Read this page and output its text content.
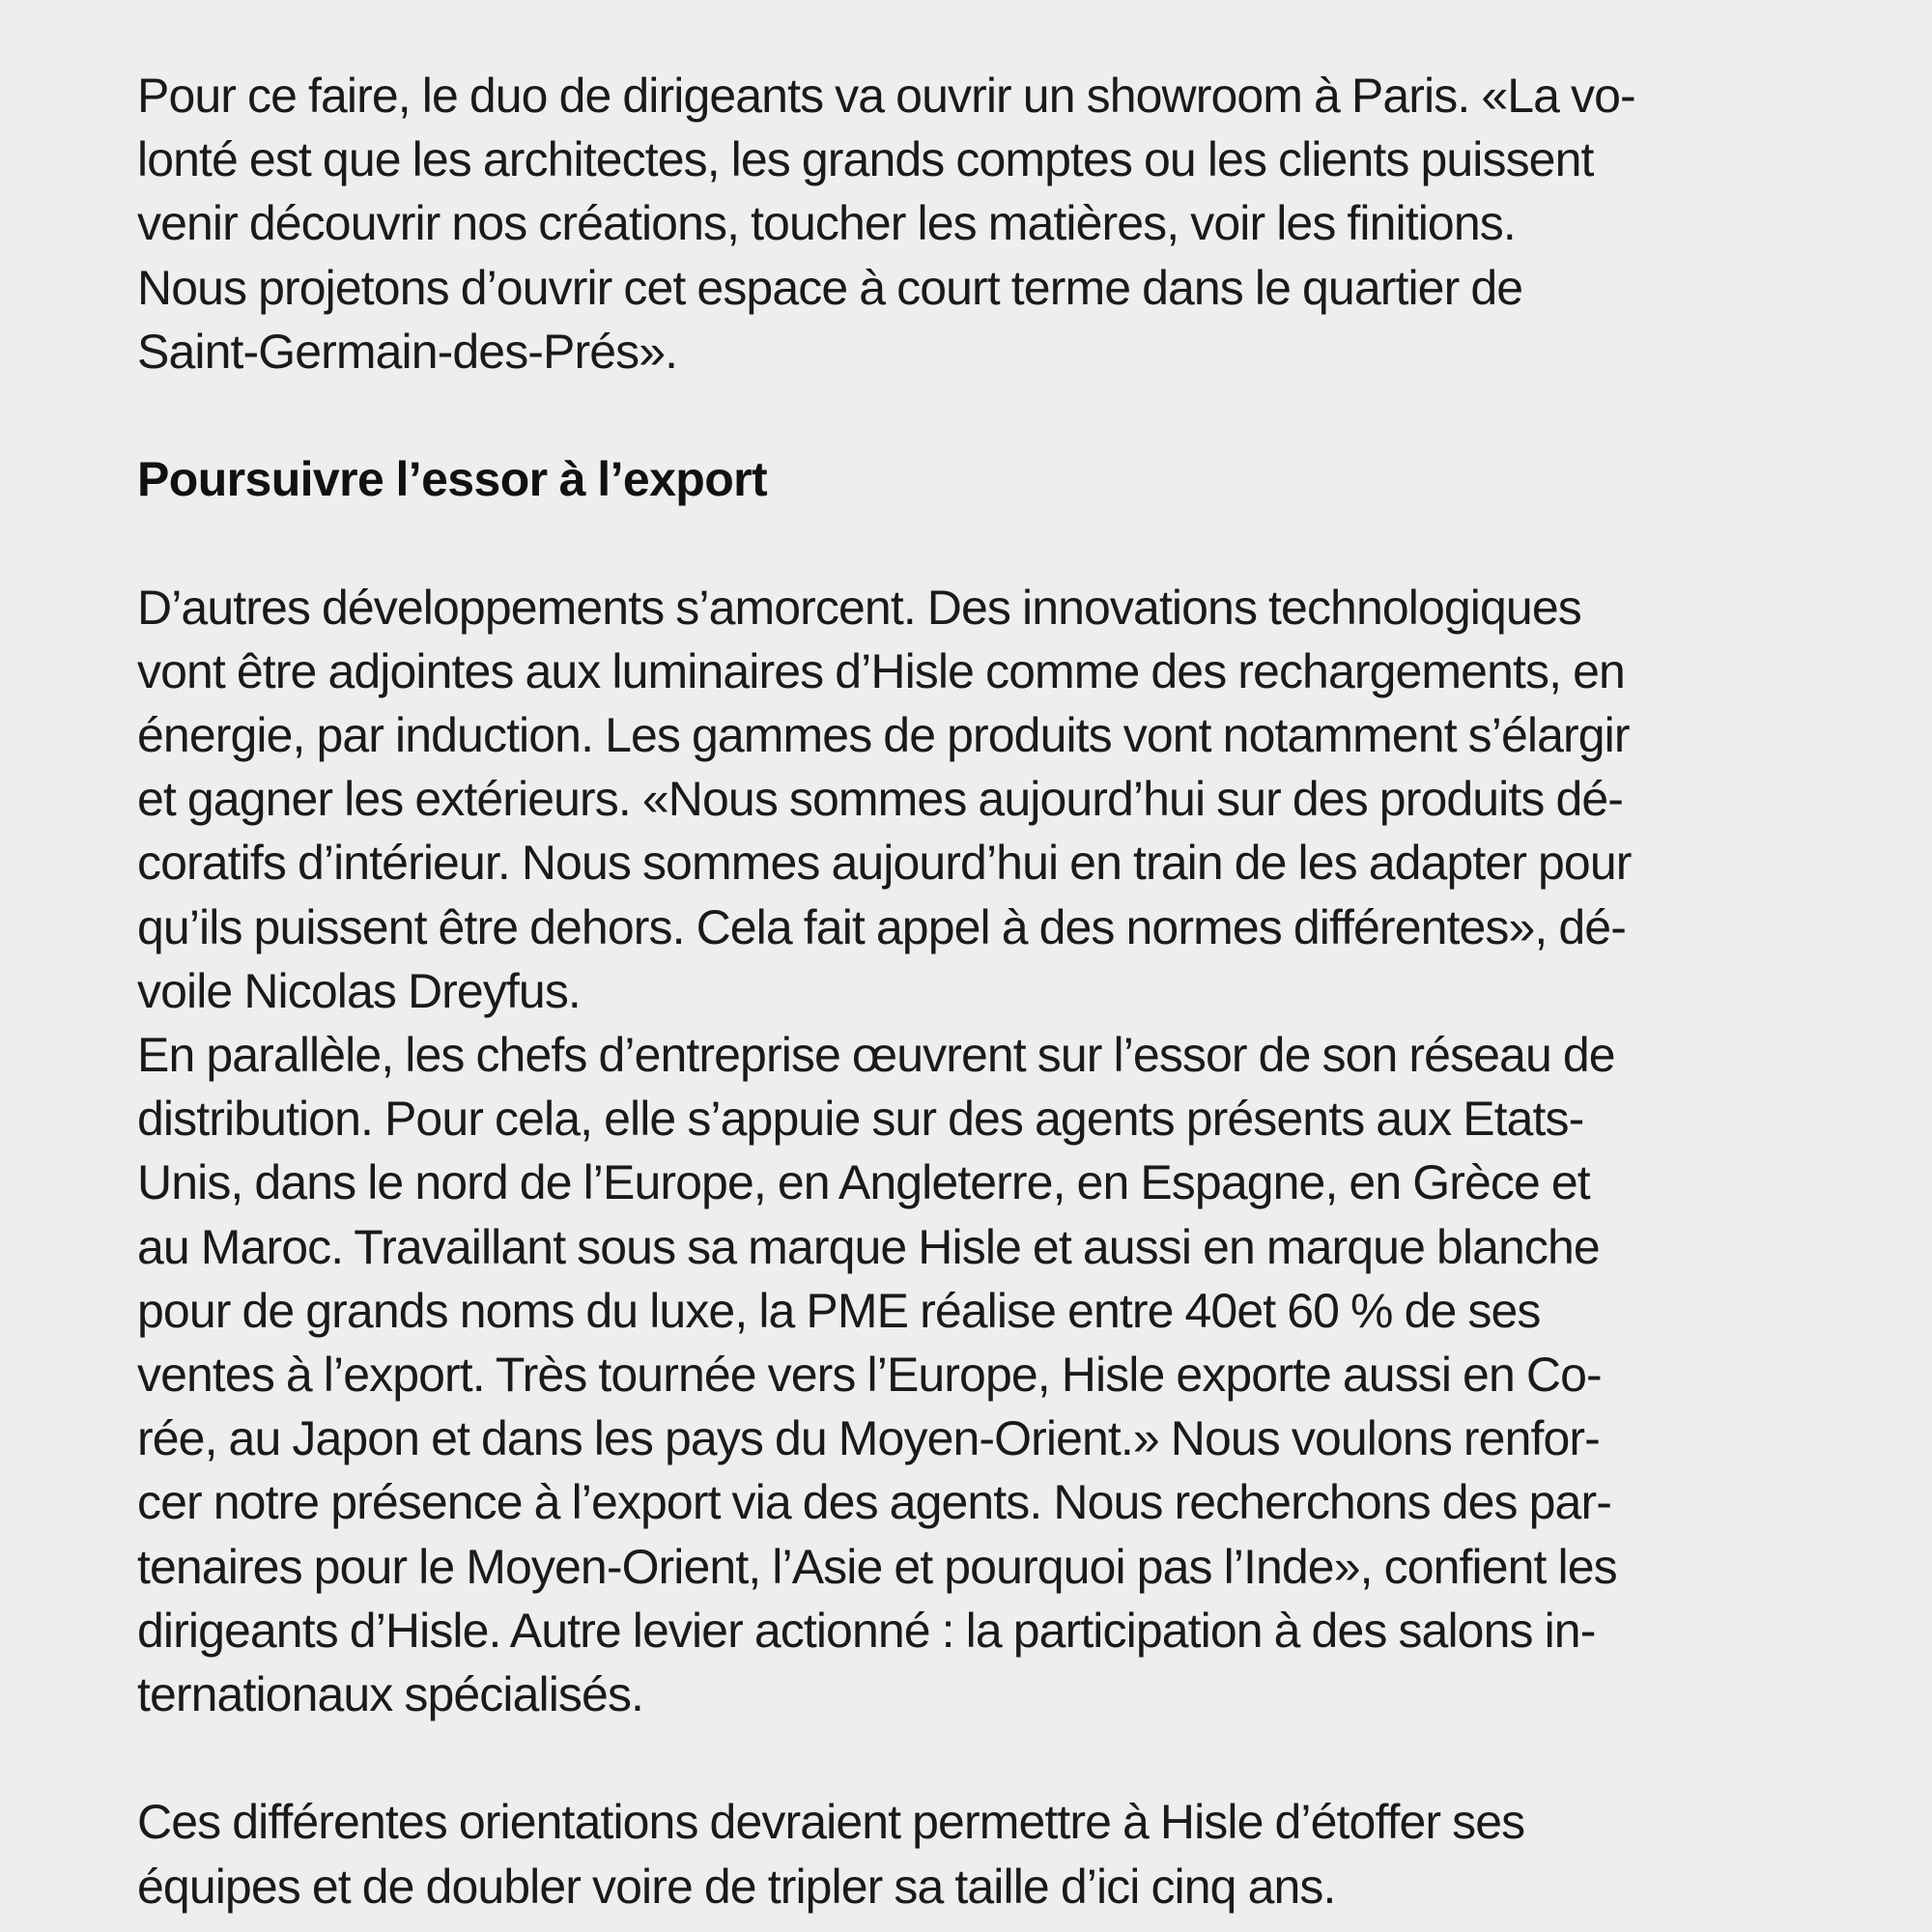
Pour ce faire, le duo de dirigeants va ouvrir un showroom à Paris. «La vo-
lonté est que les architectes, les grands comptes ou les clients puissent
venir découvrir nos créations, toucher les matières, voir les finitions.
Nous projetons d’ouvrir cet espace à court terme dans le quartier de
Saint-Germain-des-Prés».

Poursuivre l’essor à l’export

D’autres développements s’amorcent. Des innovations technologiques
vont être adjointes aux luminaires d’Hisle comme des rechargements, en
énergie, par induction. Les gammes de produits vont notamment s’élargir
et gagner les extérieurs. «Nous sommes aujourd’hui sur des produits dé-
coratifs d’intérieur. Nous sommes aujourd’hui en train de les adapter pour
qu’ils puissent être dehors. Cela fait appel à des normes différentes», dé-
voile Nicolas Dreyfus.

En parallèle, les chefs d’entreprise œuvrent sur l’essor de son réseau de
distribution. Pour cela, elle s’appuie sur des agents présents aux Etats-
Unis, dans le nord de l’Europe, en Angleterre, en Espagne, en Grèce et
au Maroc. Travaillant sous sa marque Hisle et aussi en marque blanche
pour de grands noms du luxe, la PME réalise entre 40et 60 % de ses
ventes à l’export. Très tournée vers l’Europe, Hisle exporte aussi en Co-
rée, au Japon et dans les pays du Moyen-Orient.» Nous voulons renfor-
cer notre présence à l’export via des agents. Nous recherchons des par-
tenaires pour le Moyen-Orient, l’Asie et pourquoi pas l’Inde», confient les
dirigeants d’Hisle. Autre levier actionné : la participation à des salons in-
ternationaux spécialisés.

Ces différentes orientations devraient permettre à Hisle d’étoffer ses
équipes et de doubler voire de tripler sa taille d’ici cinq ans.
